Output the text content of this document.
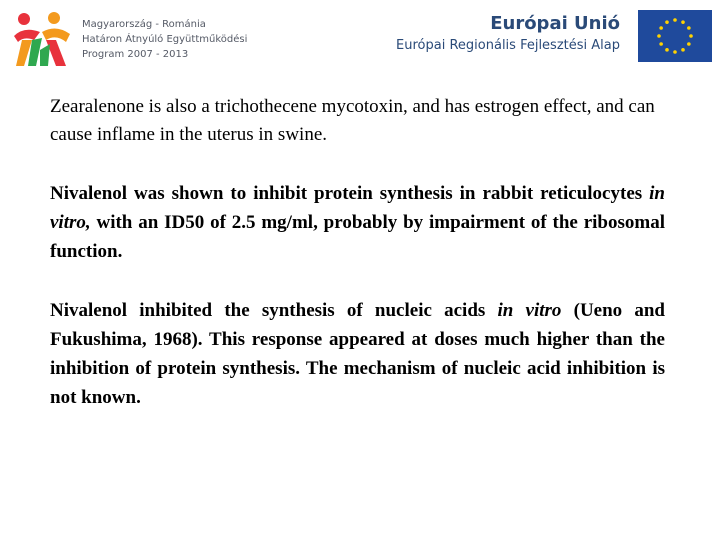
Magyarország - Románia
Határon Átnyúló Együttműködési
Program 2007 - 2013
Európai Unió
Európai Regionális Fejlesztési Alap

Zearalenone is also a trichothecene mycotoxin, and has estrogen effect, and can cause inflame in the uterus in swine.

Nivalenol was shown to inhibit protein synthesis in rabbit reticulocytes in vitro, with an ID50 of 2.5 mg/ml, probably by impairment of the ribosomal function.

Nivalenol inhibited the synthesis of nucleic acids in vitro (Ueno and Fukushima, 1968). This response appeared at doses much higher than the inhibition of protein synthesis. The mechanism of nucleic acid inhibition is not known.
